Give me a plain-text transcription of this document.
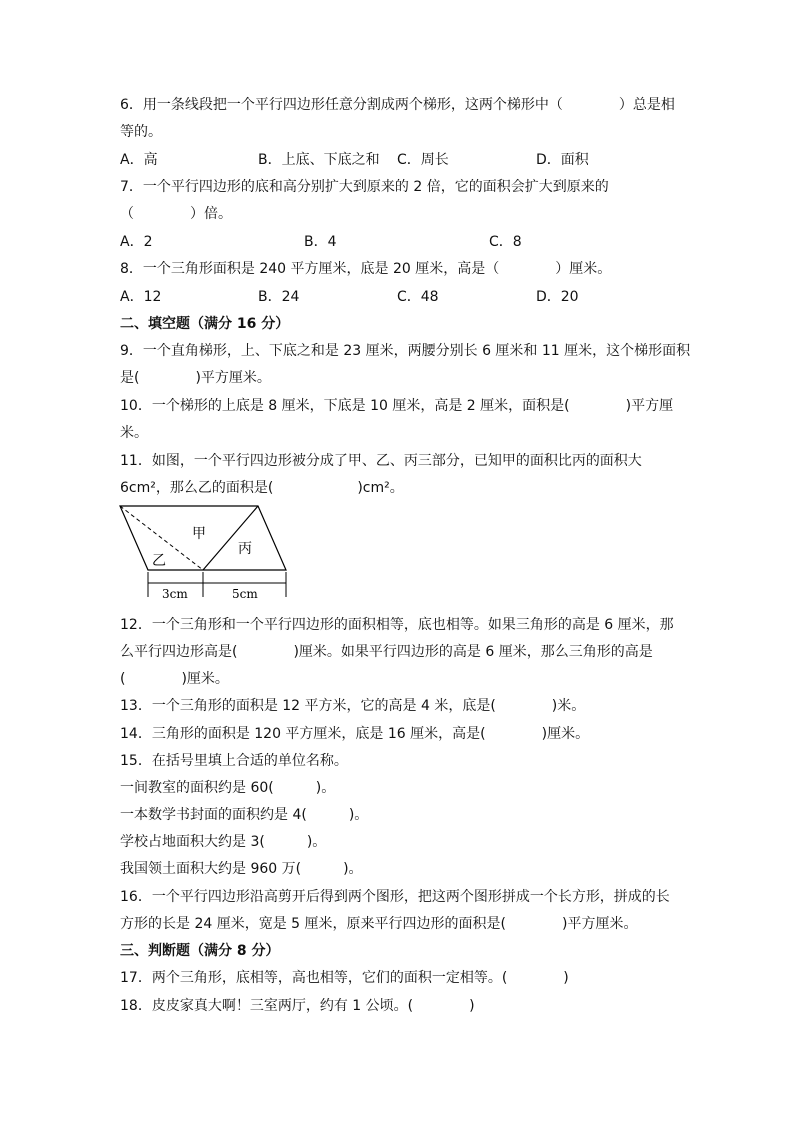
6．用一条线段把一个平行四边形任意分割成两个梯形，这两个梯形中（　　　　）总是相
等的。
A．高	B．上底、下底之和 C．周长	D．面积
7．一个平行四边形的底和高分别扩大到原来的 2 倍，它的面积会扩大到原来的
（　　　　）倍。
A．2	B．4	C．8
8．一个三角形面积是 240 平方厘米，底是 20 厘米，高是（　　　　）厘米。
A．12	B．24	C．48	D．20
二、填空题（满分 16 分）
9．一个直角梯形，上、下底之和是 23 厘米，两腰分别长 6 厘米和 11 厘米，这个梯形面积
是(　　　　)平方厘米。
10．一个梯形的上底是 8 厘米，下底是 10 厘米，高是 2 厘米，面积是(　　　　)平方厘
米。
11．如图，一个平行四边形被分成了甲、乙、丙三部分，已知甲的面积比丙的面积大
6cm²，那么乙的面积是(　　　　　　)cm²。
甲
乙
丙
3cm	5cm
12．一个三角形和一个平行四边形的面积相等，底也相等。如果三角形的高是 6 厘米，那
么平行四边形高是(　　　　)厘米。如果平行四边形的高是 6 厘米，那么三角形的高是
(　　　　)厘米。
13．一个三角形的面积是 12 平方米，它的高是 4 米，底是(　　　　)米。
14．三角形的面积是 120 平方厘米，底是 16 厘米，高是(　　　　)厘米。
15．在括号里填上合适的单位名称。
一间教室的面积约是 60(　　　)。
一本数学书封面的面积约是 4(　　　)。
学校占地面积大约是 3(　　　)。
我国领土面积大约是 960 万(　　　)。
16．一个平行四边形沿高剪开后得到两个图形，把这两个图形拼成一个长方形，拼成的长
方形的长是 24 厘米，宽是 5 厘米，原来平行四边形的面积是(　　　　)平方厘米。
三、判断题（满分 8 分）
17．两个三角形，底相等，高也相等，它们的面积一定相等。(　　　　)
18．皮皮家真大啊！三室两厅，约有 1 公顷。(　　　　)
